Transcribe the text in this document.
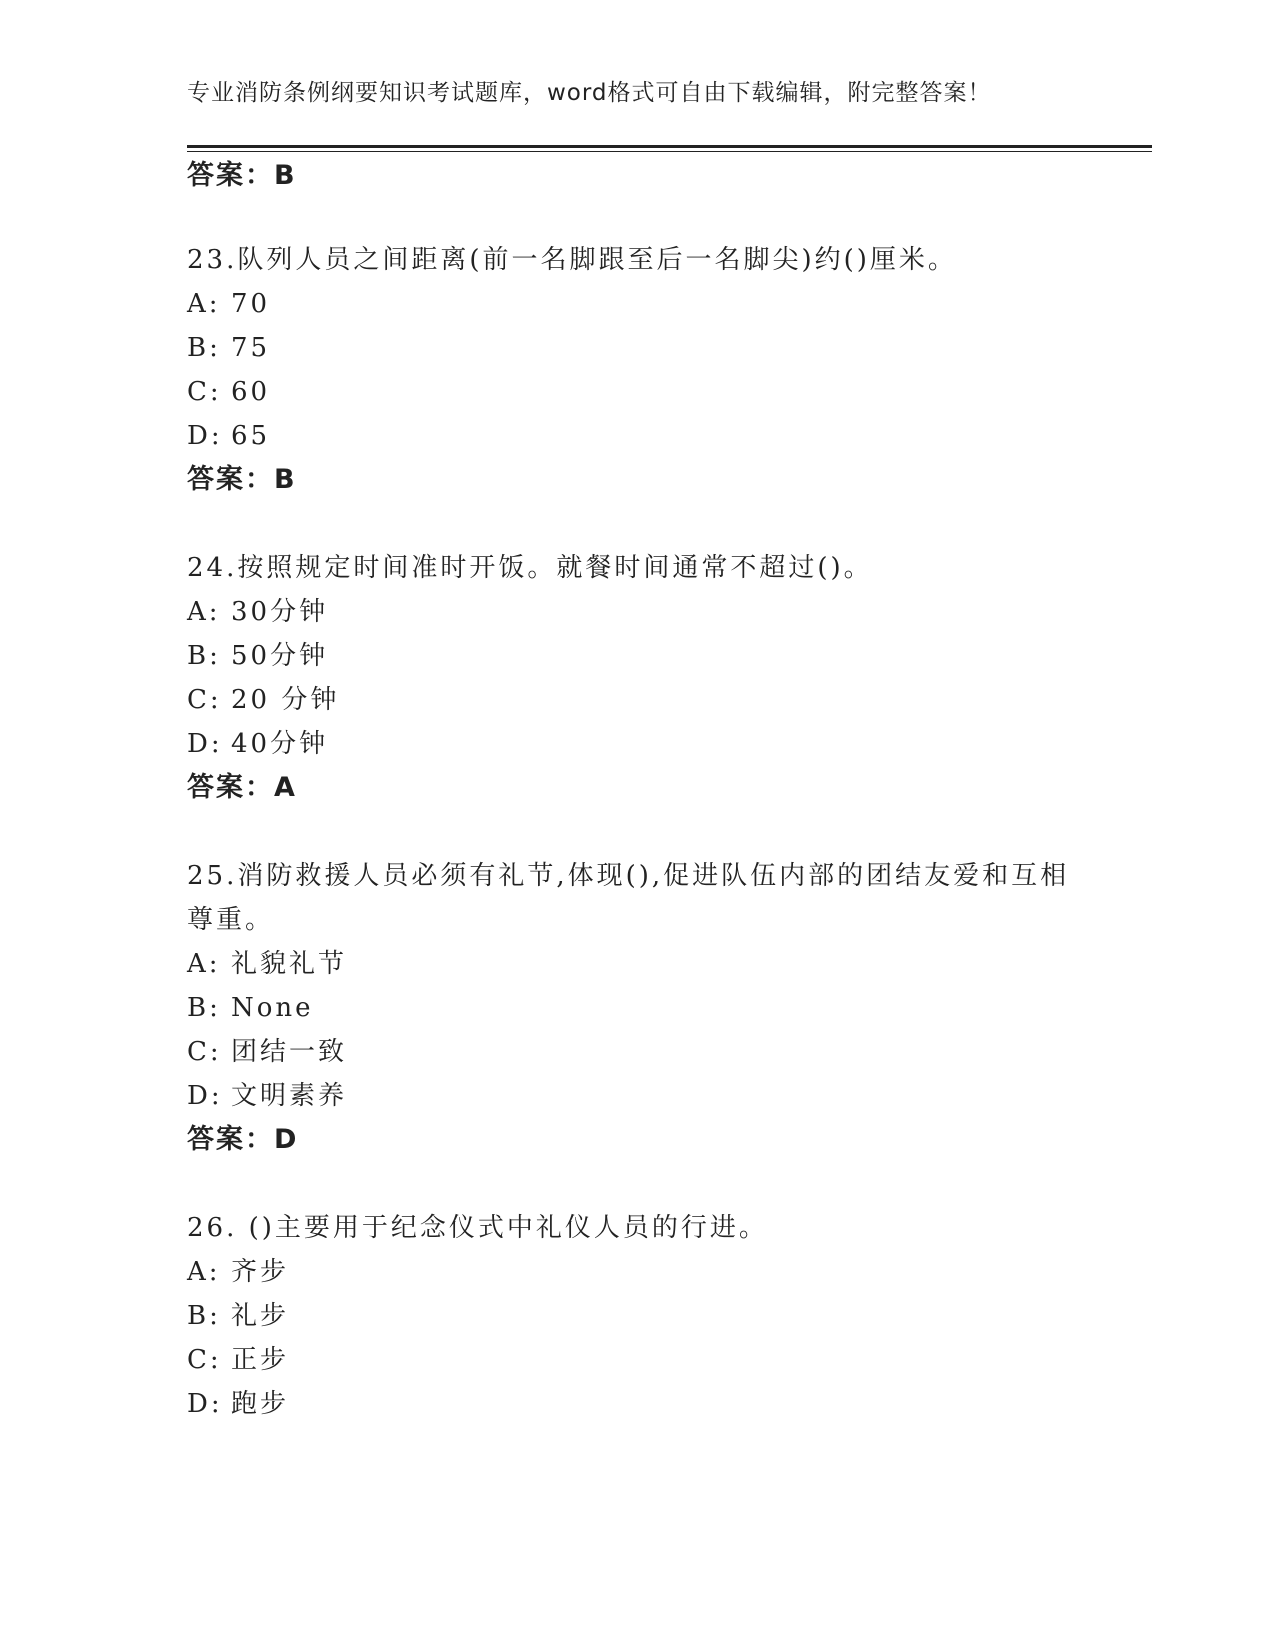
专业消防条例纲要知识考试题库，word格式可自由下载编辑，附完整答案！
答案：B
23.队列人员之间距离(前一名脚跟至后一名脚尖)约()厘米。
A: 70
B: 75
C: 60
D: 65
答案：B
24.按照规定时间准时开饭。就餐时间通常不超过()。
A: 30分钟
B: 50分钟
C: 20 分钟
D: 40分钟
答案：A
25.消防救援人员必须有礼节,体现(),促进队伍内部的团结友爱和互相
尊重。
A: 礼貌礼节
B: None
C: 团结一致
D: 文明素养
答案：D
26. ()主要用于纪念仪式中礼仪人员的行进。
A: 齐步
B: 礼步
C: 正步
D: 跑步
